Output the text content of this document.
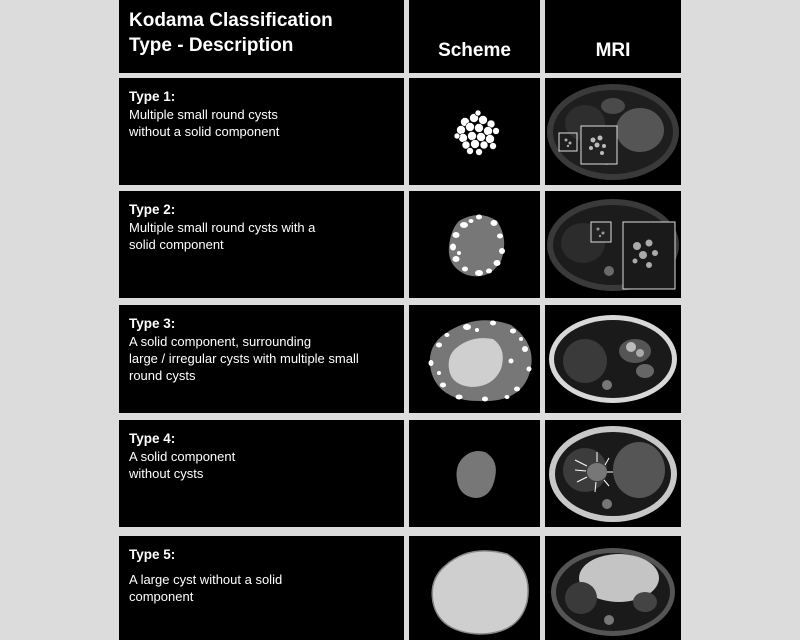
Kodama Classification
Type - Description	Scheme	MRI
Type 1:
Multiple small round cysts
without a solid component
Type 2:
Multiple small round cysts with a
solid component
Type 3:
A solid component, surrounding
large / irregular cysts with multiple small
round cysts
Type 4:
A solid component
without cysts
Type 5:
A large cyst without a solid
component
